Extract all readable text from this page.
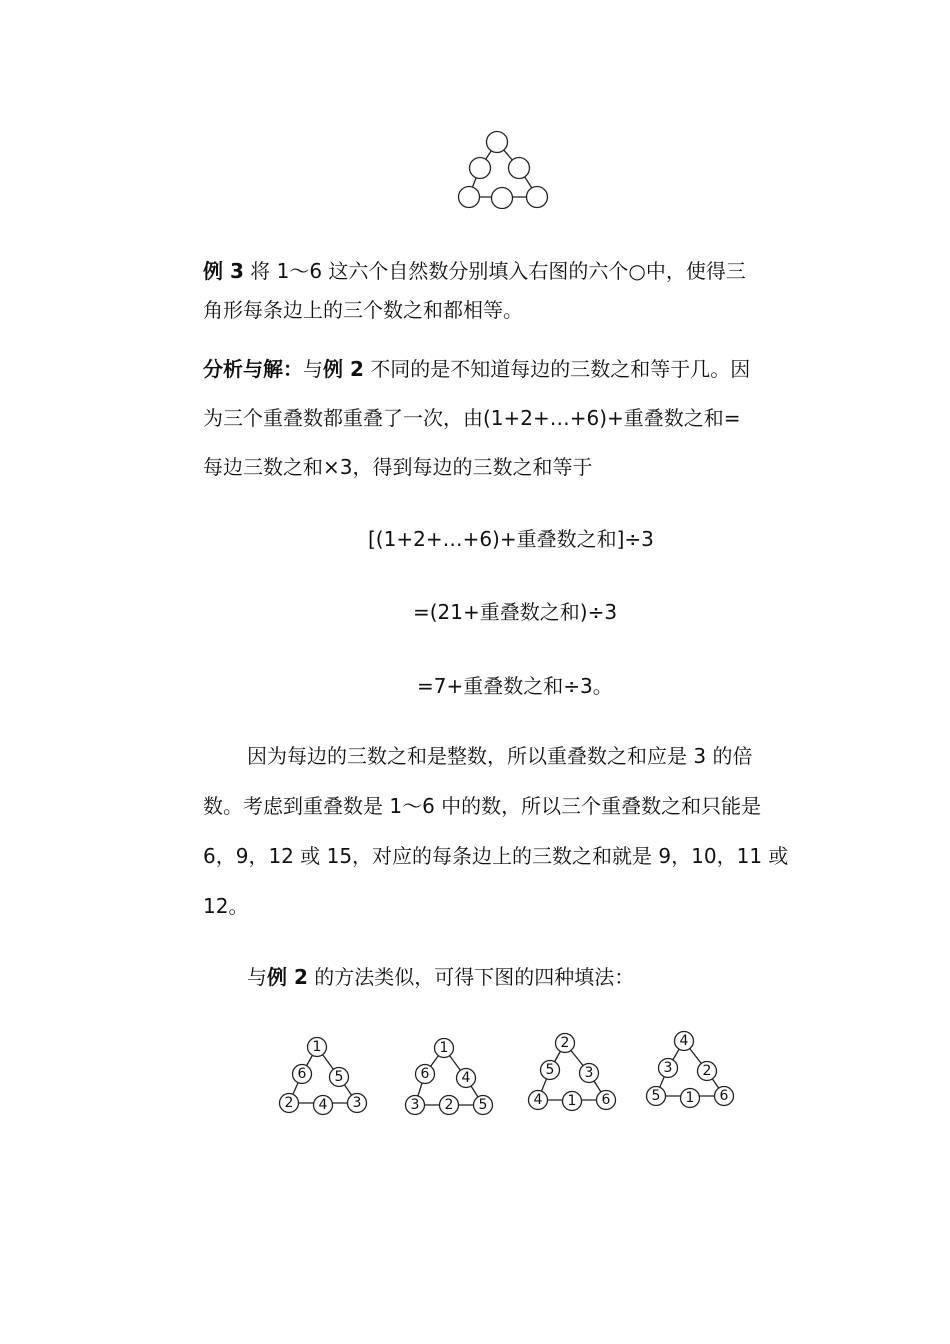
例 3 将 1～6 这六个自然数分别填入右图的六个○中，使得三
角形每条边上的三个数之和都相等。
分析与解：与例 2 不同的是不知道每边的三数之和等于几。因
为三个重叠数都重叠了一次，由(1+2+…+6)+重叠数之和=
每边三数之和×3，得到每边的三数之和等于
[(1+2+…+6)+重叠数之和]÷3
=(21+重叠数之和)÷3
=7+重叠数之和÷3。
因为每边的三数之和是整数，所以重叠数之和应是 3 的倍
数。考虑到重叠数是 1～6 中的数，所以三个重叠数之和只能是
6，9，12 或 15，对应的每条边上的三数之和就是 9，10，11 或
12。
与例 2 的方法类似，可得下图的四种填法：
1
6 5
2 4 3
1
6 4
3 2 5
2
5 3
4 1 6
4
3 2
5 1 6
